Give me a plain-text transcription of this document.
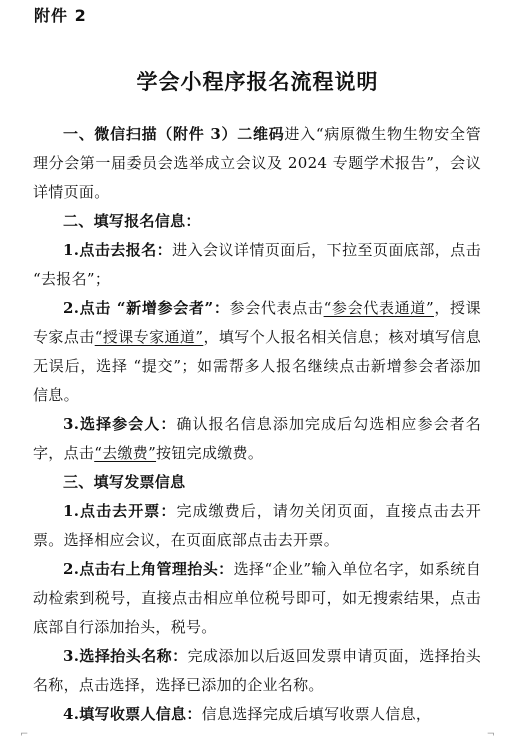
附件 2
学会小程序报名流程说明

一、微信扫描（附件 3）二维码进入“病原微生物生物安全管理分会第一届委员会选举成立会议及 2024 专题学术报告”，会议详情页面。

二、填写报名信息：

1.点击去报名：进入会议详情页面后，下拉至页面底部，点击 “去报名”；

2.点击 “新增参会者”：参会代表点击“参会代表通道”，授课专家点击“授课专家通道”，填写个人报名相关信息；核对填写信息无误后，选择 “提交”；如需帮多人报名继续点击新增参会者添加信息。

3.选择参会人：确认报名信息添加完成后勾选相应参会者名字，点击“去缴费”按钮完成缴费。

三、填写发票信息

1.点击去开票：完成缴费后，请勿关闭页面，直接点击去开票。选择相应会议，在页面底部点击去开票。

2.点击右上角管理抬头：选择“企业”输入单位名字，如系统自动检索到税号，直接点击相应单位税号即可，如无搜索结果，点击底部自行添加抬头，税号。

3.选择抬头名称：完成添加以后返回发票申请页面，选择抬头名称，点击选择，选择已添加的企业名称。

4.填写收票人信息：信息选择完成后填写收票人信息，

⌐	¬
